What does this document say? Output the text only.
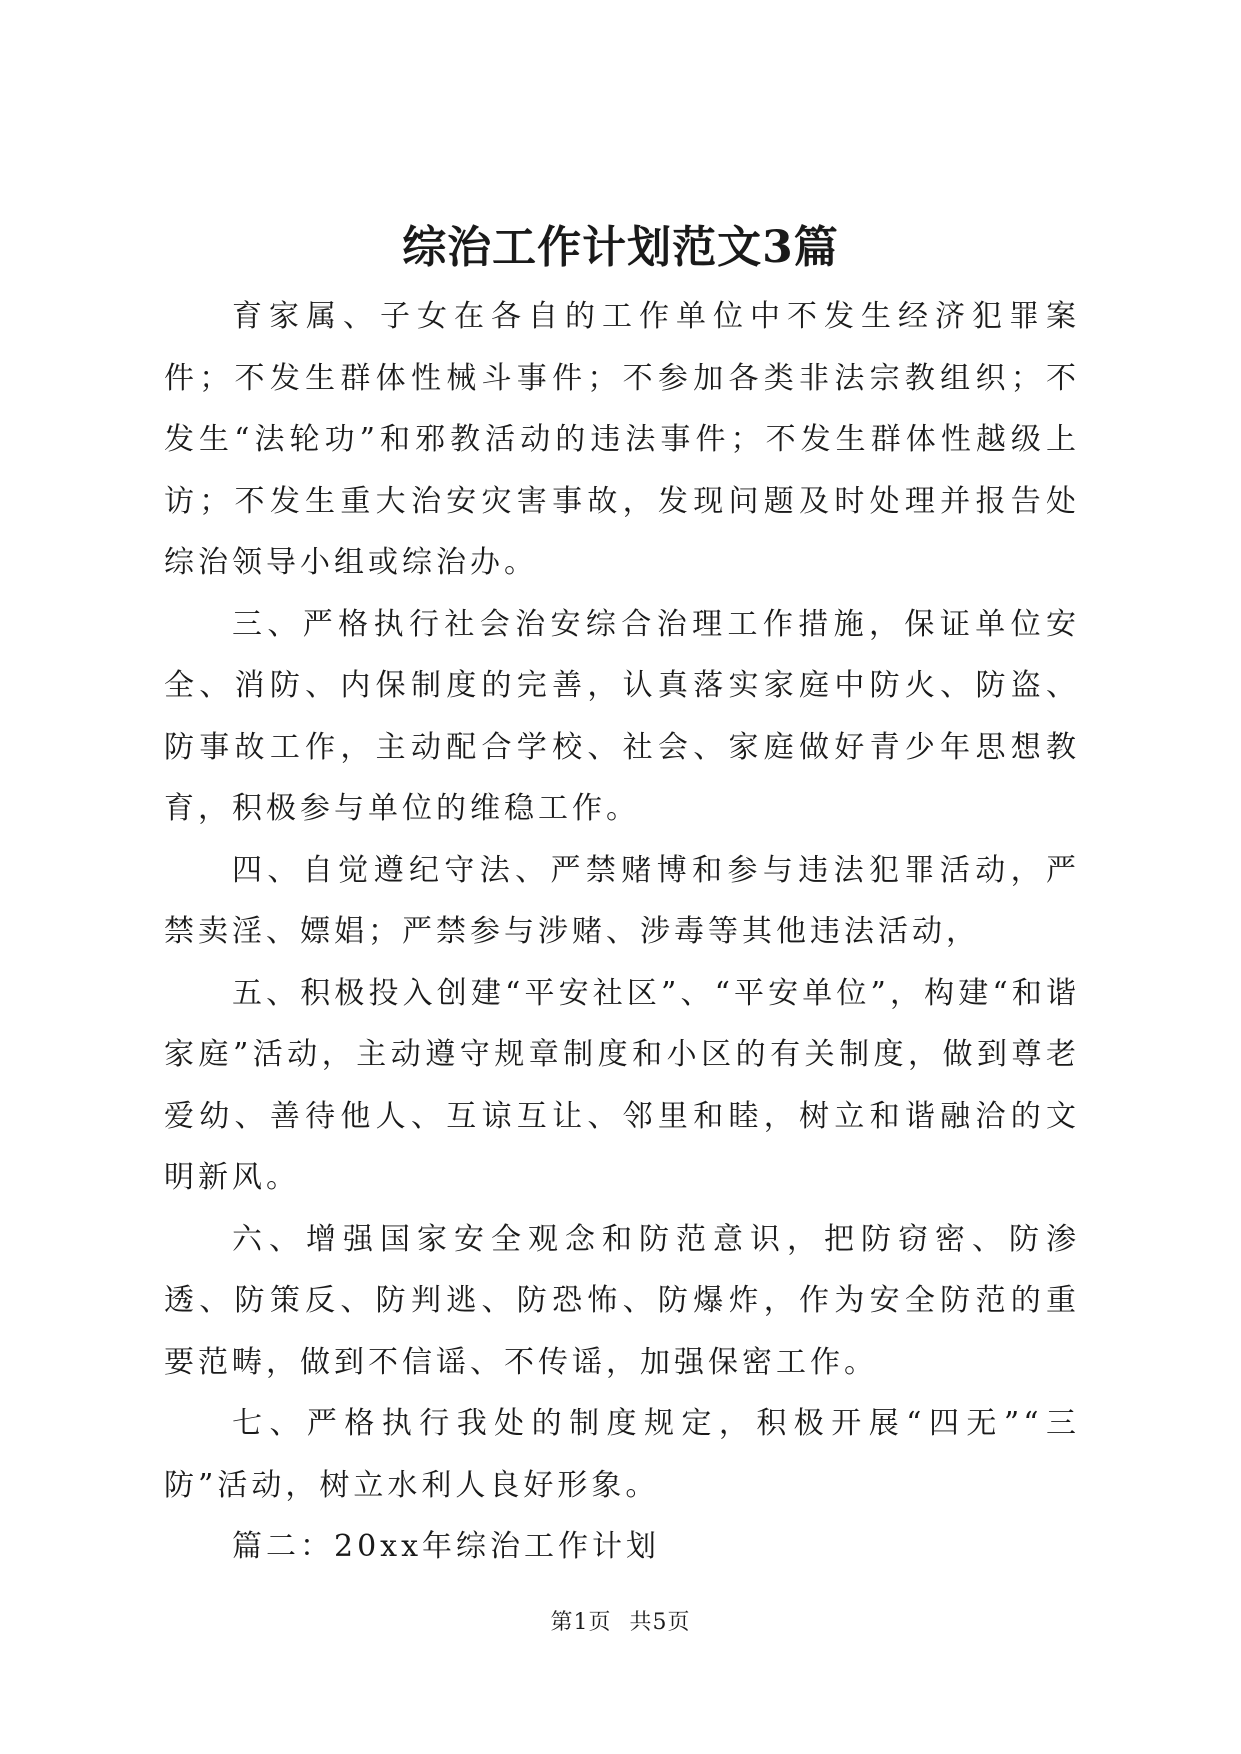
综治工作计划范文3篇

育家属、子女在各自的工作单位中不发生经济犯罪案件；不发生群体性械斗事件；不参加各类非法宗教组织；不发生“法轮功”和邪教活动的违法事件；不发生群体性越级上访；不发生重大治安灾害事故，发现问题及时处理并报告处综治领导小组或综治办。

三、严格执行社会治安综合治理工作措施，保证单位安全、消防、内保制度的完善，认真落实家庭中防火、防盗、防事故工作，主动配合学校、社会、家庭做好青少年思想教育，积极参与单位的维稳工作。

四、自觉遵纪守法、严禁赌博和参与违法犯罪活动，严禁卖淫、嫖娼；严禁参与涉赌、涉毒等其他违法活动，

五、积极投入创建“平安社区”、“平安单位”，构建“和谐家庭”活动，主动遵守规章制度和小区的有关制度，做到尊老爱幼、善待他人、互谅互让、邻里和睦，树立和谐融洽的文明新风。

六、增强国家安全观念和防范意识，把防窃密、防渗透、防策反、防判逃、防恐怖、防爆炸，作为安全防范的重要范畴，做到不信谣、不传谣，加强保密工作。

七、严格执行我处的制度规定，积极开展“四无”“三防”活动，树立水利人良好形象。

篇二：20xx年综治工作计划

第1页 共5页
